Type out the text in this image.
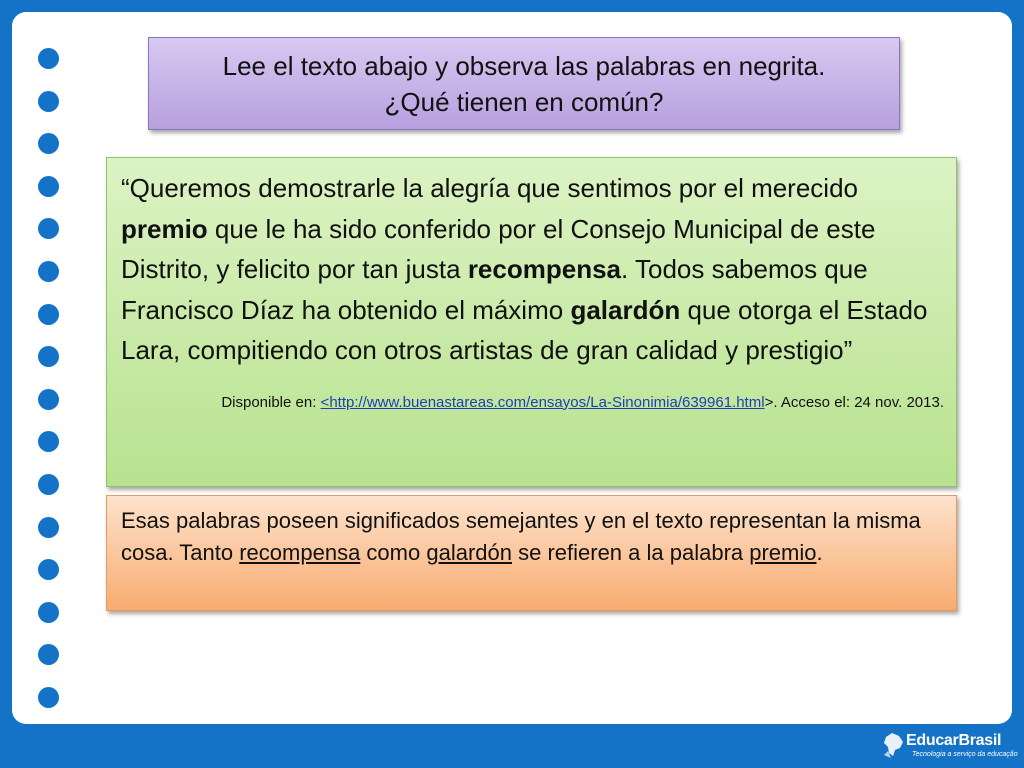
Lee el texto abajo y observa las palabras en negrita.
¿Qué tienen en común?
“Queremos demostrarle la alegría que sentimos por el merecido premio que le ha sido conferido por el Consejo Municipal de este Distrito, y felicito por tan justa recompensa. Todos sabemos que Francisco Díaz ha obtenido el máximo galardón que otorga el Estado Lara, compitiendo con otros artistas de gran calidad y prestigio”
Disponible en: <http://www.buenastareas.com/ensayos/La-Sinonimia/639961.html>. Acceso el: 24 nov. 2013.
Esas palabras poseen significados semejantes y en el texto representan la misma cosa. Tanto recompensa como galardón se refieren a la palabra premio.
EducarBrasil
Tecnologia a serviço da educação
